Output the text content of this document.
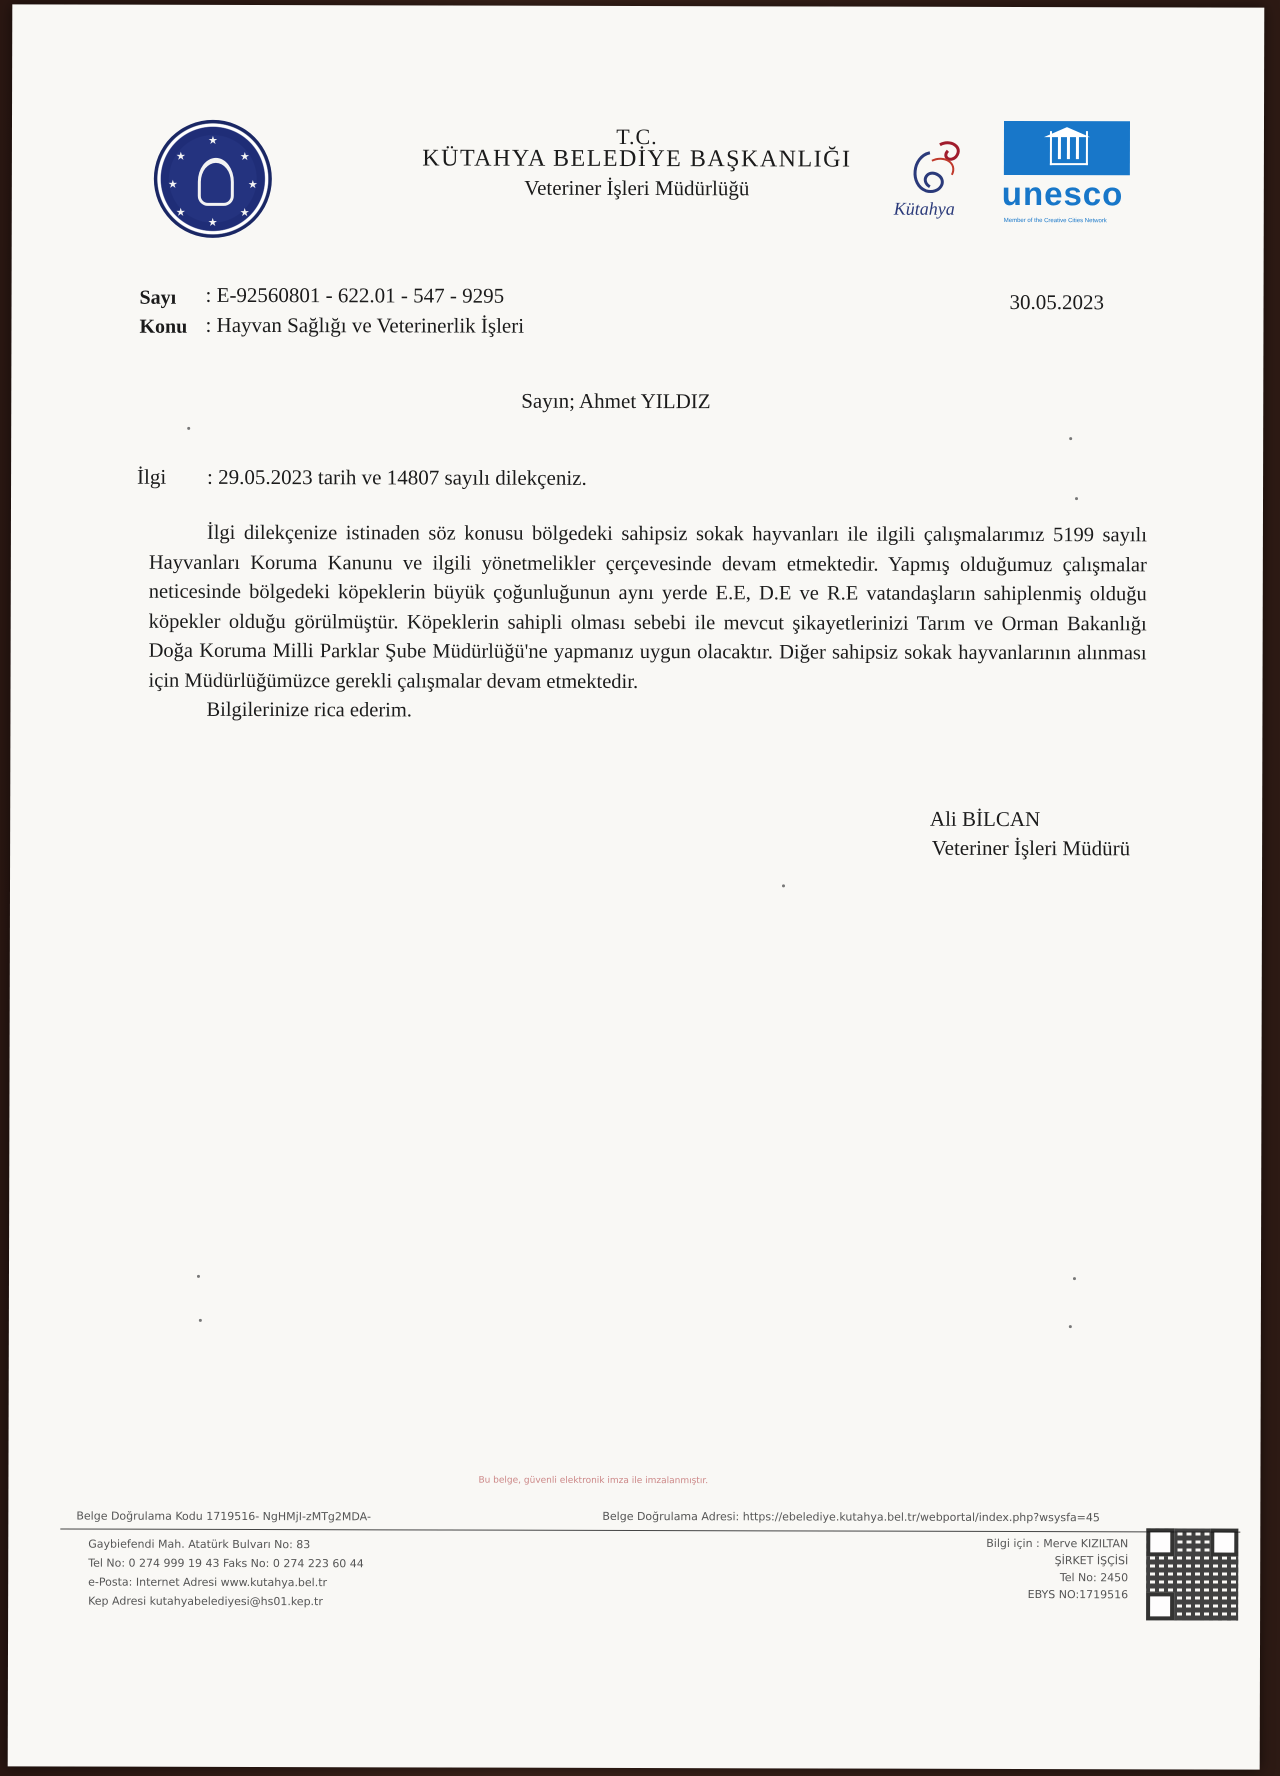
★
★	★
★	★
★	★
★
T.C.
KÜTAHYA BELEDİYE BAŞKANLIĞI
Veteriner İşleri Müdürlüğü
Kütahya unesco
Member of the Creative Cities Network
Sayı : E-92560801 - 622.01 - 547 - 9295
Konu : Hayvan Sağlığı ve Veterinerlik İşleri
30.05.2023
Sayın; Ahmet YILDIZ
İlgi : 29.05.2023 tarih ve 14807 sayılı dilekçeniz.

İlgi dilekçenize istinaden söz konusu bölgedeki sahipsiz sokak hayvanları ile ilgili çalışmalarımız 5199 sayılı Hayvanları Koruma Kanunu ve ilgili yönetmelikler çerçevesinde devam etmektedir. Yapmış olduğumuz çalışmalar neticesinde bölgedeki köpeklerin büyük çoğunluğunun aynı yerde E.E, D.E ve R.E vatandaşların sahiplenmiş olduğu köpekler olduğu görülmüştür. Köpeklerin sahipli olması sebebi ile mevcut şikayetlerinizi Tarım ve Orman Bakanlığı Doğa Koruma Milli Parklar Şube Müdürlüğü'ne yapmanız uygun olacaktır. Diğer sahipsiz sokak hayvanlarının alınması için Müdürlüğümüzce gerekli çalışmalar devam etmektedir.

Bilgilerinize rica ederim.

Ali BİLCAN
Veteriner İşleri Müdürü
Bu belge, güvenli elektronik imza ile imzalanmıştır.
Belge Doğrulama Kodu 1719516- NgHMjI-zMTg2MDA-	Belge Doğrulama Adresi: https://ebelediye.kutahya.bel.tr/webportal/index.php?wsysfa=45
Gaybiefendi Mah. Atatürk Bulvarı No: 83
Tel No: 0 274 999 19 43 Faks No: 0 274 223 60 44
e-Posta: Internet Adresi www.kutahya.bel.tr
Kep Adresi kutahyabelediyesi@hs01.kep.tr
Bilgi için : Merve KIZILTAN
ŞİRKET İŞÇİSİ
Tel No: 2450
EBYS NO:1719516
